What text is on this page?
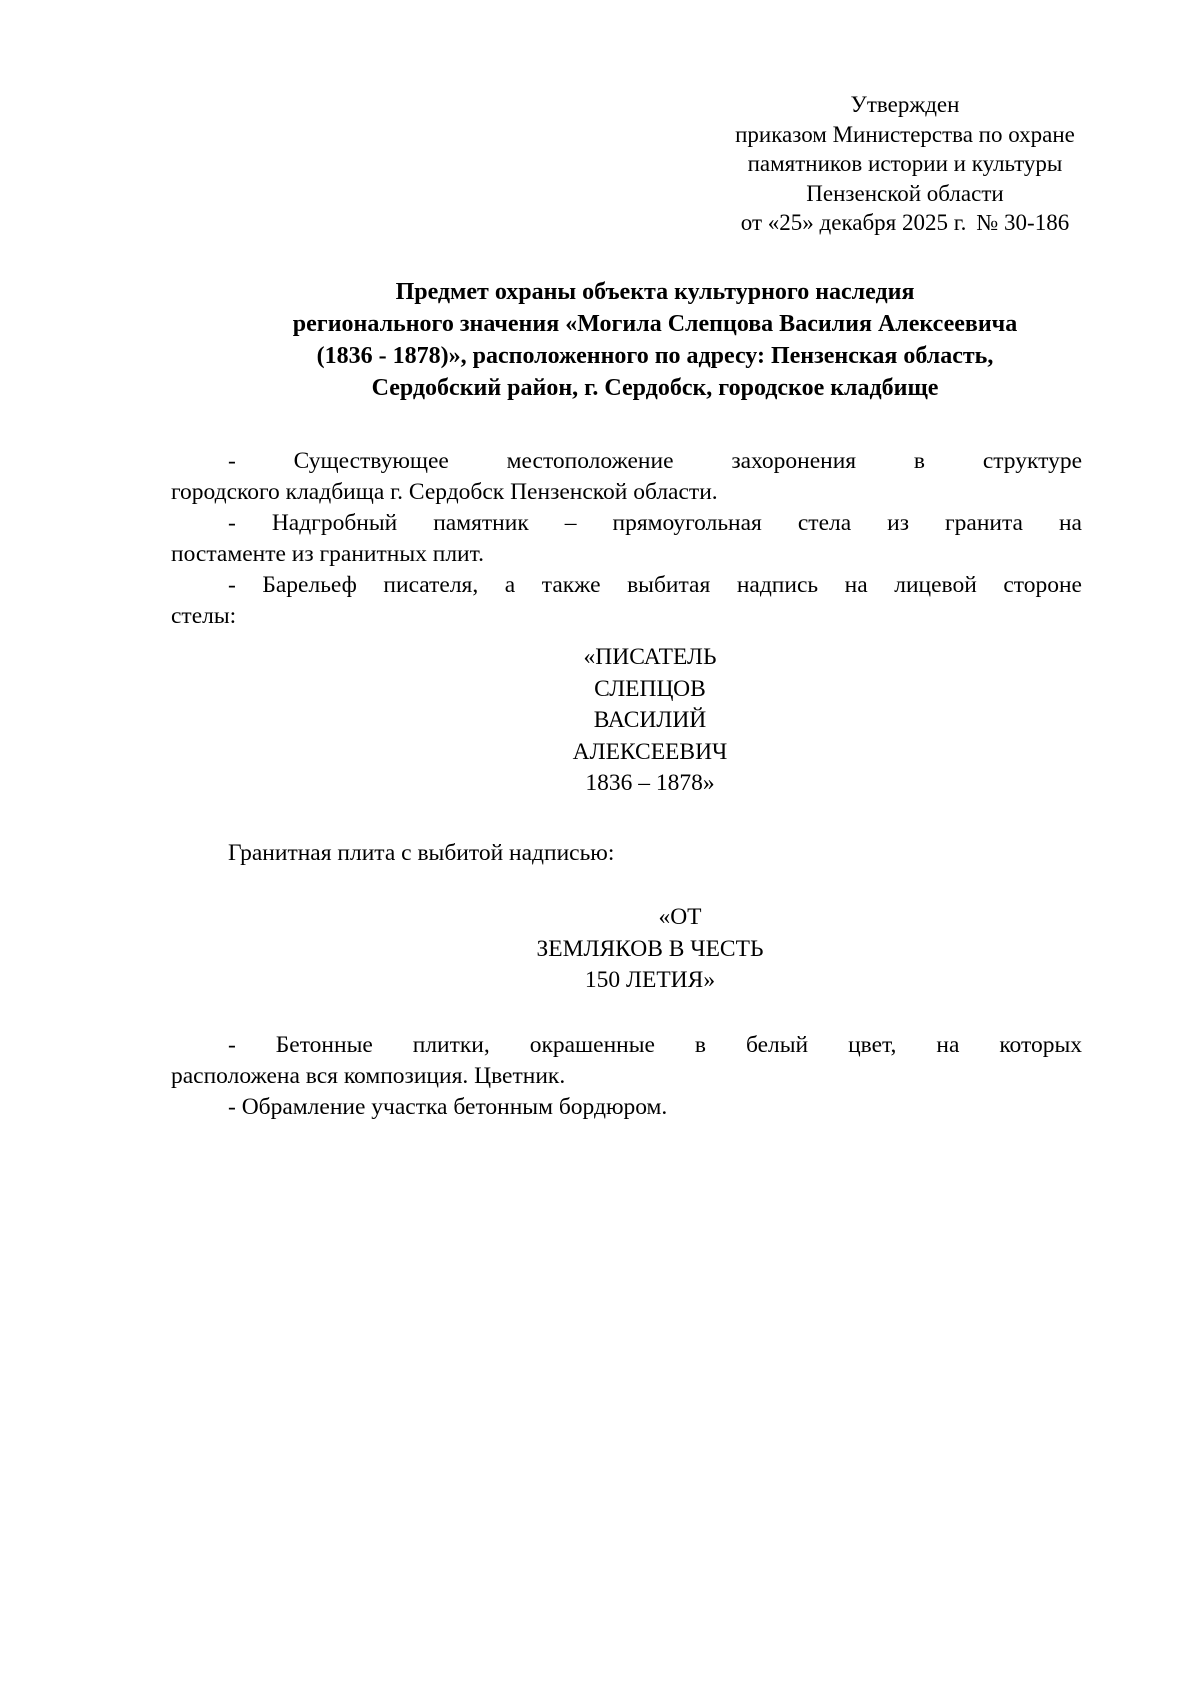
Утвержден
приказом Министерства по охране
памятников истории и культуры
Пензенской области
от «25» декабря 2025 г. № 30-186
Предмет охраны объекта культурного наследия
регионального значения «Могила Слепцова Василия Алексеевича
(1836 - 1878)», расположенного по адресу: Пензенская область,
Сердобский район, г. Сердобск, городское кладбище

- Существующее местоположение захоронения в структуре
городского кладбища г. Сердобск Пензенской области.

- Надгробный памятник – прямоугольная стела из гранита на
постаменте из гранитных плит.

- Барельеф писателя, а также выбитая надпись на лицевой стороне
стелы:

«ПИСАТЕЛЬ
СЛЕПЦОВ
ВАСИЛИЙ
АЛЕКСЕЕВИЧ
1836 – 1878»
Гранитная плита с выбитой надписью:
«ОТ
ЗЕМЛЯКОВ В ЧЕСТЬ
150 ЛЕТИЯ»

- Бетонные плитки, окрашенные в белый цвет, на которых
расположена вся композиция. Цветник.

- Обрамление участка бетонным бордюром.
